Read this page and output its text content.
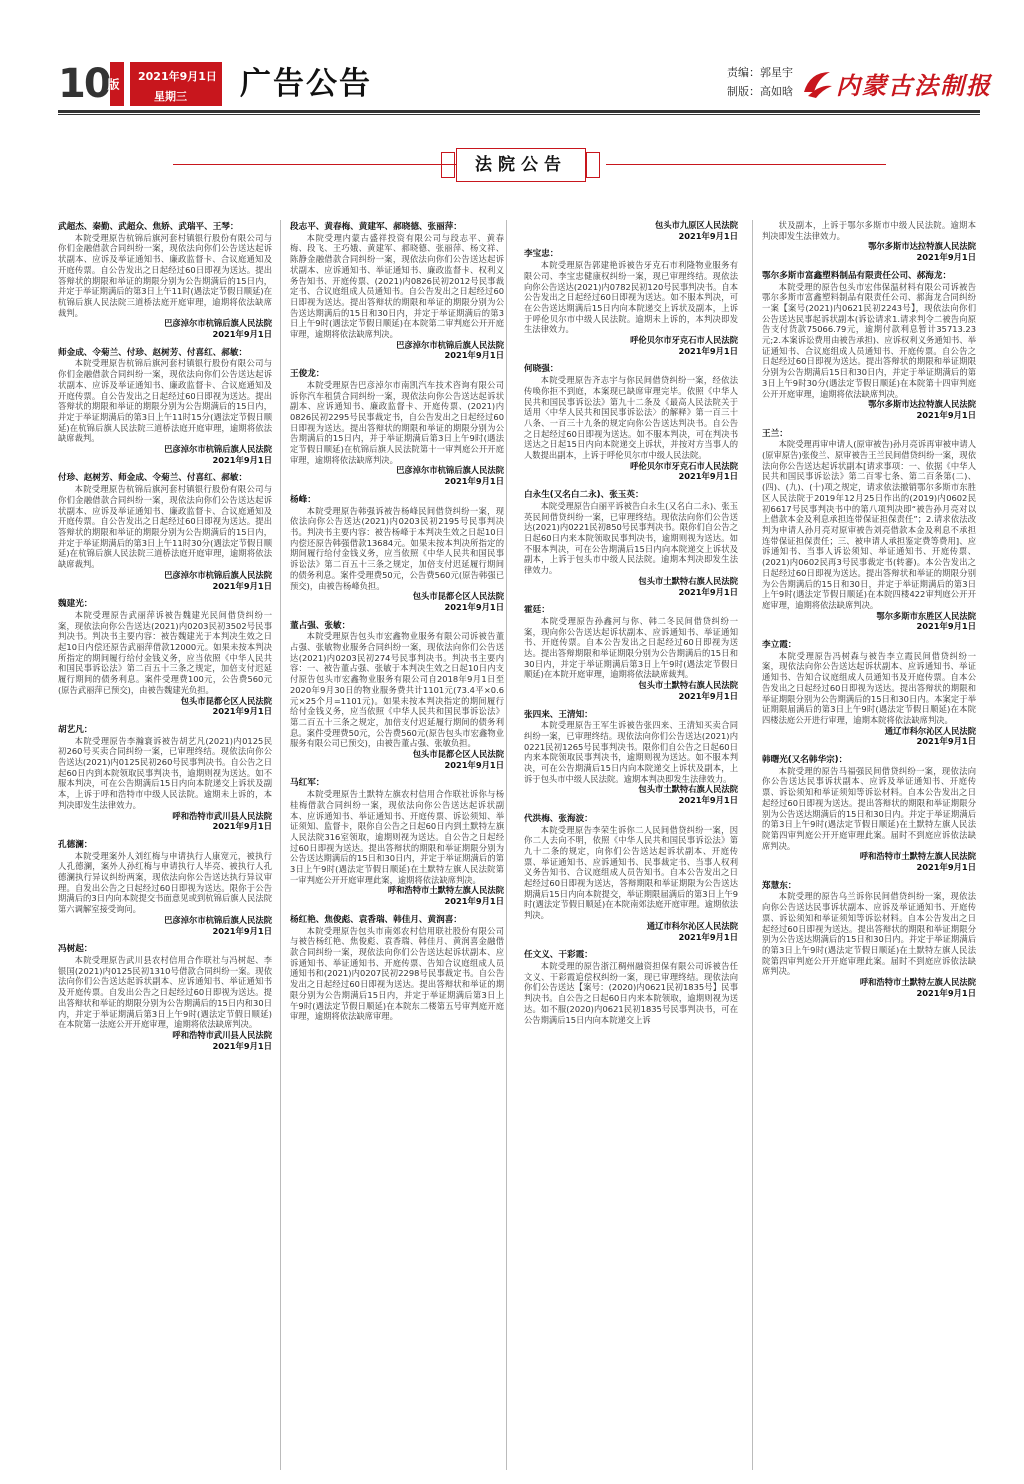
10
版
2021年9月1日
星期三 广告公告	责编：郭星宇
制版：高如晗 内蒙古法制报
法院公告
武超杰、秦勤、武超众、焦娇、武瑞平、王琴：
本院受理原告杭锦后旗河套村镇银行股份有限公司与你们金融借款合同纠纷一案，现依法向你们公告送达起诉状副本、应诉及举证通知书、廉政监督卡、合议庭通知及开庭传票。自公告发出之日起经过60日即视为送达。提出答辩状的期限和举证的期限分别为公告期满后的15日内，并定于举证期满后的第3日上午11时(遇法定节假日顺延)在杭锦后旗人民法院三道桥法庭开庭审理，逾期将依法缺席裁判。
巴彦淖尔市杭锦后旗人民法院
2021年9月1日
师金成、令菊兰、付珍、赵树芳、付喜红、郝敏：
本院受理原告杭锦后旗河套村镇银行股份有限公司与你们金融借款合同纠纷一案，现依法向你们公告送达起诉状副本、应诉及举证通知书、廉政监督卡、合议庭通知及开庭传票。自公告发出之日起经过60日即视为送达。提出答辩状的期限和举证的期限分别为公告期满后的15日内，并定于举证期满后的第3日上午11时15分(遇法定节假日顺延)在杭锦后旗人民法院三道桥法庭开庭审理，逾期将依法缺席裁判。
巴彦淖尔市杭锦后旗人民法院
2021年9月1日
付珍、赵树芳、师金成、令菊兰、付喜红、郝敏：
本院受理原告杭锦后旗河套村镇银行股份有限公司与你们金融借款合同纠纷一案，现依法向你们公告送达起诉状副本、应诉及举证通知书、廉政监督卡、合议庭通知及开庭传票。自公告发出之日起经过60日即视为送达。提出答辩状的期限和举证的期限分别为公告期满后的15日内，并定于举证期满后的第3日上午11时30分(遇法定节假日顺延)在杭锦后旗人民法院三道桥法庭开庭审理，逾期将依法缺席裁判。
巴彦淖尔市杭锦后旗人民法院
2021年9月1日
魏建光：
本院受理原告武丽萍诉被告魏建光民间借贷纠纷一案，现依法向你公告送达(2021)内0203民初3502号民事判决书。判决书主要内容：被告魏建光于本判决生效之日起10日内偿还原告武丽萍借款12000元。如果未按本判决所指定的期间履行给付金钱义务，应当依照《中华人民共和国民事诉讼法》第二百五十三条之规定，加倍支付迟延履行期间的债务利息。案件受理费100元，公告费560元(原告武丽萍已预交)，由被告魏建光负担。
包头市昆都仑区人民法院
2021年9月1日
胡艺凡：
本院受理原告李瀚寰诉被告胡艺凡(2021)内0125民初260号买卖合同纠纷一案，已审理终结。现依法向你公告送达(2021)内0125民初260号民事判决书。自公告之日起60日内到本院领取民事判决书，逾期则视为送达。如不服本判决，可在公告期满后15日内向本院递交上诉状及副本，上诉于呼和浩特市中级人民法院。逾期未上诉的，本判决即发生法律效力。
呼和浩特市武川县人民法院
2021年9月1日
孔德澜：
本院受理案外人刘红梅与申请执行人康宽元，被执行人孔德澜，案外人孙红梅与申请执行人毕亮、被执行人孔德澜执行异议纠纷两案，现依法向你公告送达执行异议审理。自发出公告之日起经过60日即视为送达。限你于公告期满后的3日内向本院提交书面意见或到杭锦后旗人民法院第六调解室接受询问。
巴彦淖尔市杭锦后旗人民法院
2021年9月1日
冯树起：
本院受理原告武川县农村信用合作联社与冯树起、李银国(2021)内0125民初1310号借款合同纠纷一案。现依法向你们公告送达起诉状副本、应诉通知书、举证通知书及开庭传票。自发出公告之日起经过60日即视为送达。提出答辩状和举证的期限分别为公告期满后的15日内和30日内，并定于举证期满后第3日上午9时(遇法定节假日顺延)在本院第一法庭公开开庭审理，逾期将依法缺席判决。
呼和浩特市武川县人民法院
2021年9月1日
段志平、黄春梅、黄建军、郝晓德、张丽萍：
本院受理内蒙古盛祥投资有限公司与段志平、黄春梅、段飞、王巧娥、黄建军、郝晓德、张丽萍、杨文祥、陈静金融借款合同纠纷一案，现依法向你们公告送达起诉状副本、应诉通知书、举证通知书、廉政监督卡、权利义务告知书、开庭传票、(2021)内0826民初2012号民事裁定书、合议庭组成人员通知书。自公告发出之日起经过60日即视为送达。提出答辩状的期限和举证的期限分别为公告送达期满后的15日和30日内，并定于举证期满后的第3日上午9时(遇法定节假日顺延)在本院第二审判庭公开开庭审理，逾期将依法缺席判决。
巴彦淖尔市杭锦后旗人民法院
2021年9月1日
王俊龙：
本院受理原告巴彦淖尔市南凯汽车技术咨询有限公司诉你汽车租赁合同纠纷一案，现依法向你公告送达起诉状副本、应诉通知书、廉政监督卡、开庭传票、(2021)内0826民初2295号民事裁定书，自公告发出之日起经过60日即视为送达。提出答辩状的期限和举证的期限分别为公告期满后的15日内，并于举证期满后第3日上午9时(遇法定节假日顺延)在杭锦后旗人民法院第十一审判庭公开开庭审理，逾期将依法缺席判决。
巴彦淖尔市杭锦后旗人民法院
2021年9月1日
杨峰：
本院受理原告韩强诉被告杨峰民间借贷纠纷一案，现依法向你公告送达(2021)内0203民初2195号民事判决书。判决书主要内容：被告杨峰于本判决生效之日起10日内偿还原告韩强借款13684元。如果未按本判决所指定的期间履行给付金钱义务，应当依照《中华人民共和国民事诉讼法》第二百五十三条之规定，加倍支付迟延履行期间的债务利息。案件受理费50元，公告费560元(原告韩强已预交)，由被告杨峰负担。
包头市昆都仑区人民法院
2021年9月1日
董占强、张敏：
本院受理原告包头市宏鑫物业服务有限公司诉被告董占强、张敏物业服务合同纠纷一案，现依法向你们公告送达(2021)内0203民初274号民事判决书。判决书主要内容：一、被告董占强、张敏于本判决生效之日起10日内支付原告包头市宏鑫物业服务有限公司自2018年9月1日至2020年9月30日的物业服务费共计1101元(73.4平×0.6元×25个月=1101元)。如果未按本判决指定的期间履行给付金钱义务，应当依照《中华人民共和国民事诉讼法》第二百五十三条之规定，加倍支付迟延履行期间的债务利息。案件受理费50元，公告费560元(原告包头市宏鑫物业服务有限公司已预交)，由被告董占强、张敏负担。
包头市昆都仑区人民法院
2021年9月1日
马红军：
本院受理原告土默特左旗农村信用合作联社诉你与杨桂梅借款合同纠纷一案，现依法向你公告送达起诉状副本、应诉通知书、举证通知书、开庭传票、诉讼须知、举证须知、监督卡，限你自公告之日起60日内到土默特左旗人民法院316室领取，逾期则视为送达。自公告之日起经过60日即视为送达。提出答辩状的期限和举证期限分别为公告送达期满后的15日和30日内，并定于举证期满后的第3日上午9时(遇法定节假日顺延)在土默特左旗人民法院第一审判庭公开开庭审理此案，逾期将依法缺席判决。
呼和浩特市土默特左旗人民法院
2021年9月1日
杨红艳、焦俊彪、袁香瑞、韩佳月、黄润喜：
本院受理原告包头市南郊农村信用联社股份有限公司与被告杨红艳、焦俊彪、袁香瑞、韩佳月、黄润喜金融借款合同纠纷一案，现依法向你们公告送达起诉状副本、应诉通知书、举证通知书、开庭传票、告知合议庭组成人员通知书和(2021)内0207民初2298号民事裁定书。自公告发出之日起经过60日即视为送达。提出答辩状和举证的期限分别为公告期满后15日内，并定于举证期满后第3日上午9时(遇法定节假日顺延)在本院东二楼第五号审判庭开庭审理，逾期将依法缺席审理。
包头市九原区人民法院
2021年9月1日
李宝忠：
本院受理原告郭建艳诉被告牙克石市利隆物业服务有限公司、李宝忠健康权纠纷一案，现已审理终结。现依法向你公告送达(2021)内0782民初120号民事判决书。自本公告发出之日起经过60日即视为送达。如不服本判决，可在公告送达期满后15日内向本院递交上诉状及副本，上诉于呼伦贝尔市中级人民法院。逾期未上诉的，本判决即发生法律效力。
呼伦贝尔市牙克石市人民法院
2021年9月1日
何晓强：
本院受理原告齐志宇与你民间借贷纠纷一案，经依法传唤你拒不到庭，本案现已缺席审理完毕。依照《中华人民共和国民事诉讼法》第九十二条及《最高人民法院关于适用〈中华人民共和国民事诉讼法〉的解释》第一百三十八条、一百三十九条的规定向你公告送达判决书。自公告之日起经过60日即视为送达。如不服本判决，可在判决书送达之日起15日内向本院递交上诉状，并按对方当事人的人数提出副本，上诉于呼伦贝尔市中级人民法院。
呼伦贝尔市牙克石市人民法院
2021年9月1日
白永生(又名白二永)、张玉英：
本院受理原告白丽平诉被告白永生(又名白二永)、张玉英民间借贷纠纷一案，已审理终结。现依法向你们公告送达(2021)内0221民初850号民事判决书。限你们自公告之日起60日内来本院领取民事判决书，逾期则视为送达。如不服本判决，可在公告期满后15日内向本院递交上诉状及副本，上诉于包头市中级人民法院。逾期本判决即发生法律效力。
包头市土默特右旗人民法院
2021年9月1日
霍廷：
本院受理原告孙鑫河与你、韩二冬民间借贷纠纷一案，现向你公告送达起诉状副本、应诉通知书、举证通知书、开庭传票。自本公告发出之日起经过60日即视为送达。提出答辩期限和举证期限分别为公告期满后的15日和30日内，并定于举证期满后第3日上午9时(遇法定节假日顺延)在本院开庭审理，逾期将依法缺席裁判。
包头市土默特右旗人民法院
2021年9月1日
张四来、王清知：
本院受理原告王军生诉被告张四来、王清知买卖合同纠纷一案，已审理终结。现依法向你们公告送达(2021)内0221民初1265号民事判决书。限你们自公告之日起60日内来本院领取民事判决书，逾期则视为送达。如不服本判决，可在公告期满后15日内向本院递交上诉状及副本，上诉于包头市中级人民法院。逾期本判决即发生法律效力。
包头市土默特右旗人民法院
2021年9月1日
代洪梅、张海波：
本院受理原告李荣生诉你二人民间借贷纠纷一案，因你二人去向不明，依照《中华人民共和国民事诉讼法》第九十二条的规定，向你们公告送达起诉状副本、开庭传票、举证通知书、应诉通知书、民事裁定书、当事人权利义务告知书、合议庭组成人员告知书。自本公告发出之日起经过60日即视为送达，答辩期限和举证期限为公告送达期满后15日内向本院提交，举证期限届满后的第3日上午9时(遇法定节假日顺延)在本院南郊法庭开庭审理。逾期依法判决。
通辽市科尔沁区人民法院
2021年9月1日
任文义、干彩霞：
本院受理的原告浙江稠州融资担保有限公司诉被告任文义、干彩霞追偿权纠纷一案，现已审理终结。现依法向你们公告送达【案号：(2020)内0621民初1835号】民事判决书。自公告之日起60日内来本院领取，逾期则视为送达。如不服(2020)内0621民初1835号民事判决书，可在公告期满后15日内向本院递交上诉
状及副本，上诉于鄂尔多斯市中级人民法院。逾期本判决即发生法律效力。
鄂尔多斯市达拉特旗人民法院
2021年9月1日
鄂尔多斯市富鑫塑料制品有限责任公司、郝海龙：
本院受理的原告包头市宏伟保温材料有限公司诉被告鄂尔多斯市富鑫塑料制品有限责任公司、郝海龙合同纠纷一案【案号(2021)内0621民初2243号】，现依法向你们公告送达民事起诉状副本(诉讼请求1.请求判令二被告向原告支付货款75066.79元，逾期付款利息暂计35713.23元;2.本案诉讼费用由被告承担)、应诉权利义务通知书、举证通知书、合议庭组成人员通知书、开庭传票。自公告之日起经过60日即视为送达。提出答辩状的期限和举证期限分别为公告期满后15日和30日内，并定于举证期满后的第3日上午9时30分(遇法定节假日顺延)在本院第十四审判庭公开开庭审理，逾期将依法缺席判决。
鄂尔多斯市达拉特旗人民法院
2021年9月1日
王兰：
本院受理再审申请人(原审被告)孙月亮诉再审被申请人(原审原告)张俊兰、原审被告王兰民间借贷纠纷一案，现依法向你公告送达起诉状副本[请求事项：一、依据《中华人民共和国民事诉讼法》第二百零七条、第二百条第(二)、(四)、(九)、(十)项之规定，请求依法撤销鄂尔多斯市东胜区人民法院于2019年12月25日作出的(2019)内0602民初6617号民事判决书中的第八项判决即“被告孙月亮对以上借款本金及利息承担连带保证担保责任”；2.请求依法改判为申请人孙月亮对原审被告刘亮借款本金及利息不承担连带保证担保责任；三、被申请人承担鉴定费等费用]、应诉通知书、当事人诉讼须知、举证通知书、开庭传票、(2021)内0602民再3号民事裁定书(转審)。本公告发出之日起经过60日即视为送达。提出答辩状和举证的期限分别为公告期满后的15日和30日，并定于举证期满后的第3日上午9时(遇法定节假日顺延)在本院四楼422审判庭公开开庭审理，逾期将依法缺席判决。
鄂尔多斯市东胜区人民法院
2021年9月1日
李立霞：
本院受理原告冯树森与被告李立霞民间借贷纠纷一案，现依法向你公告送达起诉状副本、应诉通知书、举证通知书、告知合议庭组成人员通知书及开庭传票。自本公告发出之日起经过60日即视为送达。提出答辩状的期限和举证期限分别为公告期满后的15日和30日内。本案定于举证期限届满后的第3日上午9时(遇法定节假日顺延)在本院四楼法庭公开进行审理，逾期本院将依法缺席判决。
通辽市科尔沁区人民法院
2021年9月1日
韩曙光(又名韩华宗)：
本院受理的原告马福强民间借贷纠纷一案，现依法向你公告送达民事诉状副本、应诉及举证通知书、开庭传票、诉讼须知和举证须知等诉讼材料。自本公告发出之日起经过60日即视为送达。提出答辩状的期限和举证期限分别为公告送达期满后的15日和30日内。并定于举证期满后的第3日上午9时(遇法定节假日顺延)在土默特左旗人民法院第四审判庭公开开庭审理此案。届时不到庭应诉依法缺席判决。
呼和浩特市土默特左旗人民法院
2021年9月1日
郑慧东：
本院受理的原告乌兰诉你民间借贷纠纷一案，现依法向你公告送达民事诉状副本、应诉及举证通知书、开庭传票、诉讼须知和举证须知等诉讼材料。自本公告发出之日起经过60日即视为送达。提出答辩状的期限和举证期限分别为公告送达期满后的15日和30日内。并定于举证期满后的第3日上午9时(遇法定节假日顺延)在土默特左旗人民法院第四审判庭公开开庭审理此案。届时不到庭应诉依法缺席判决。
呼和浩特市土默特左旗人民法院
2021年9月1日
